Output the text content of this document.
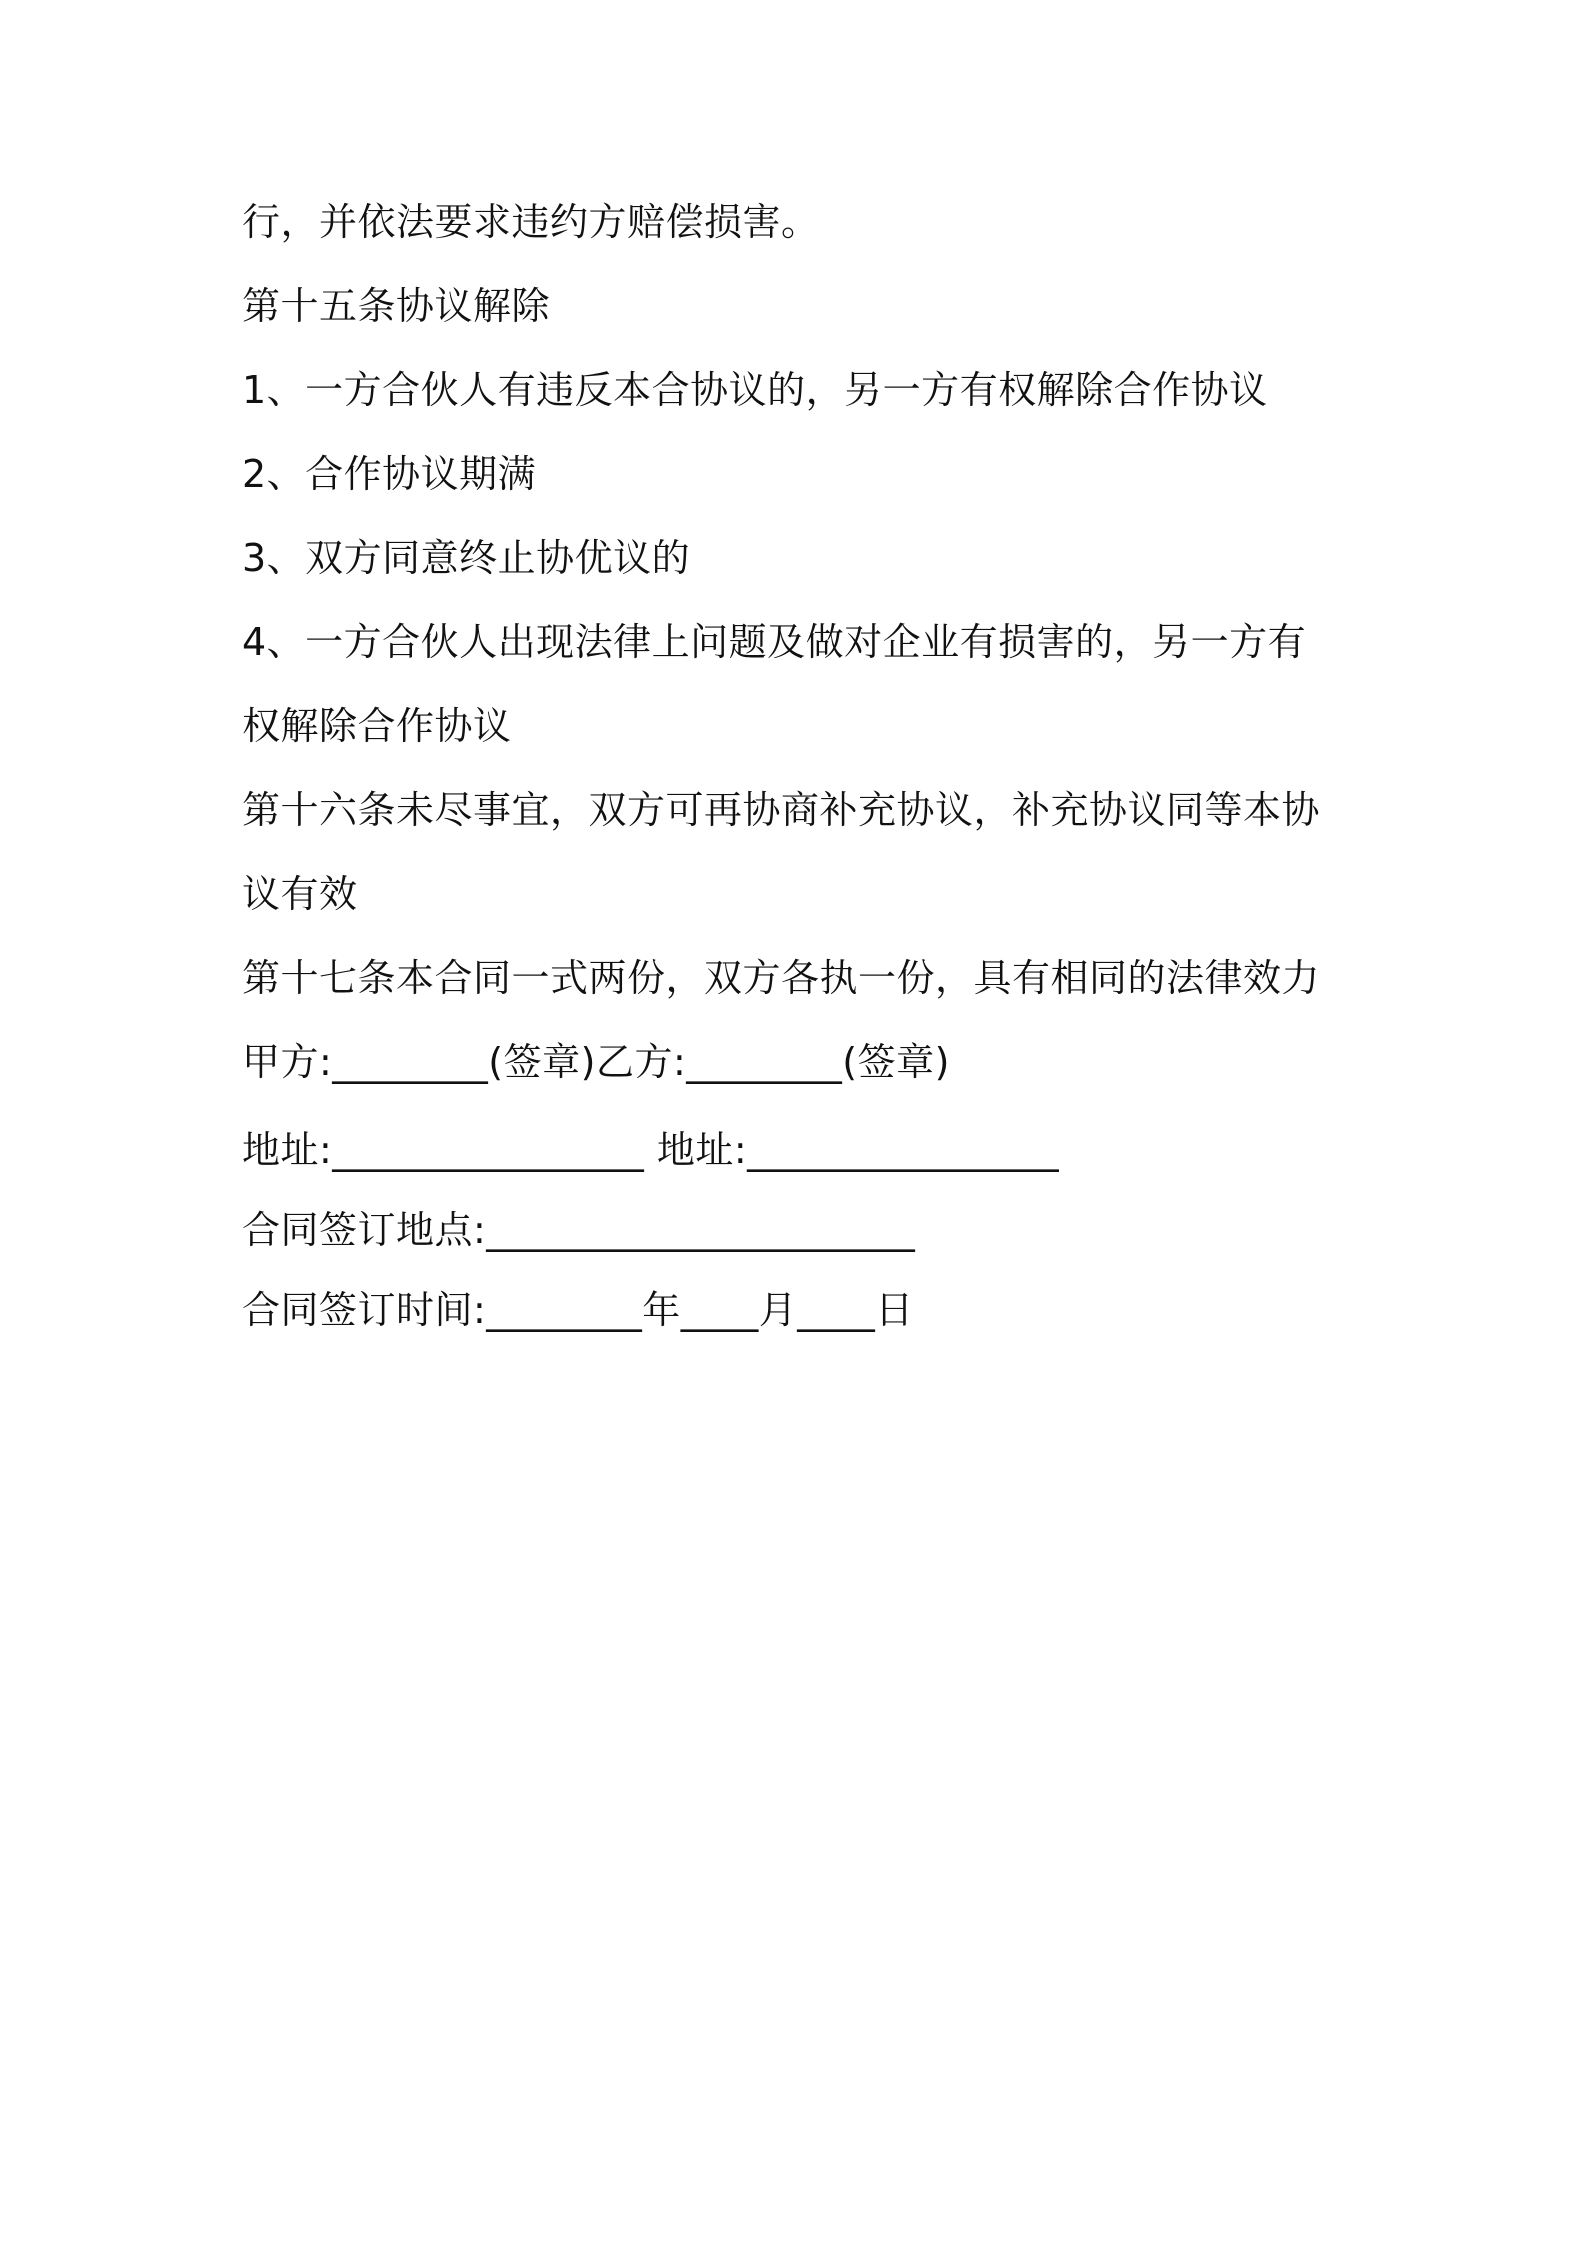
行，并依法要求违约方赔偿损害。
第十五条协议解除
1、一方合伙人有违反本合协议的，另一方有权解除合作协议
2、合作协议期满
3、双方同意终止协优议的
4、一方合伙人出现法律上问题及做对企业有损害的，另一方有
权解除合作协议
第十六条未尽事宜，双方可再协商补充协议，补充协议同等本协
议有效
第十七条本合同一式两份，双方各执一份，具有相同的法律效力
甲方:________(签章)乙方:________(签章)
地址:________________ 地址:________________
合同签订地点:______________________
合同签订时间:________年____月____日
